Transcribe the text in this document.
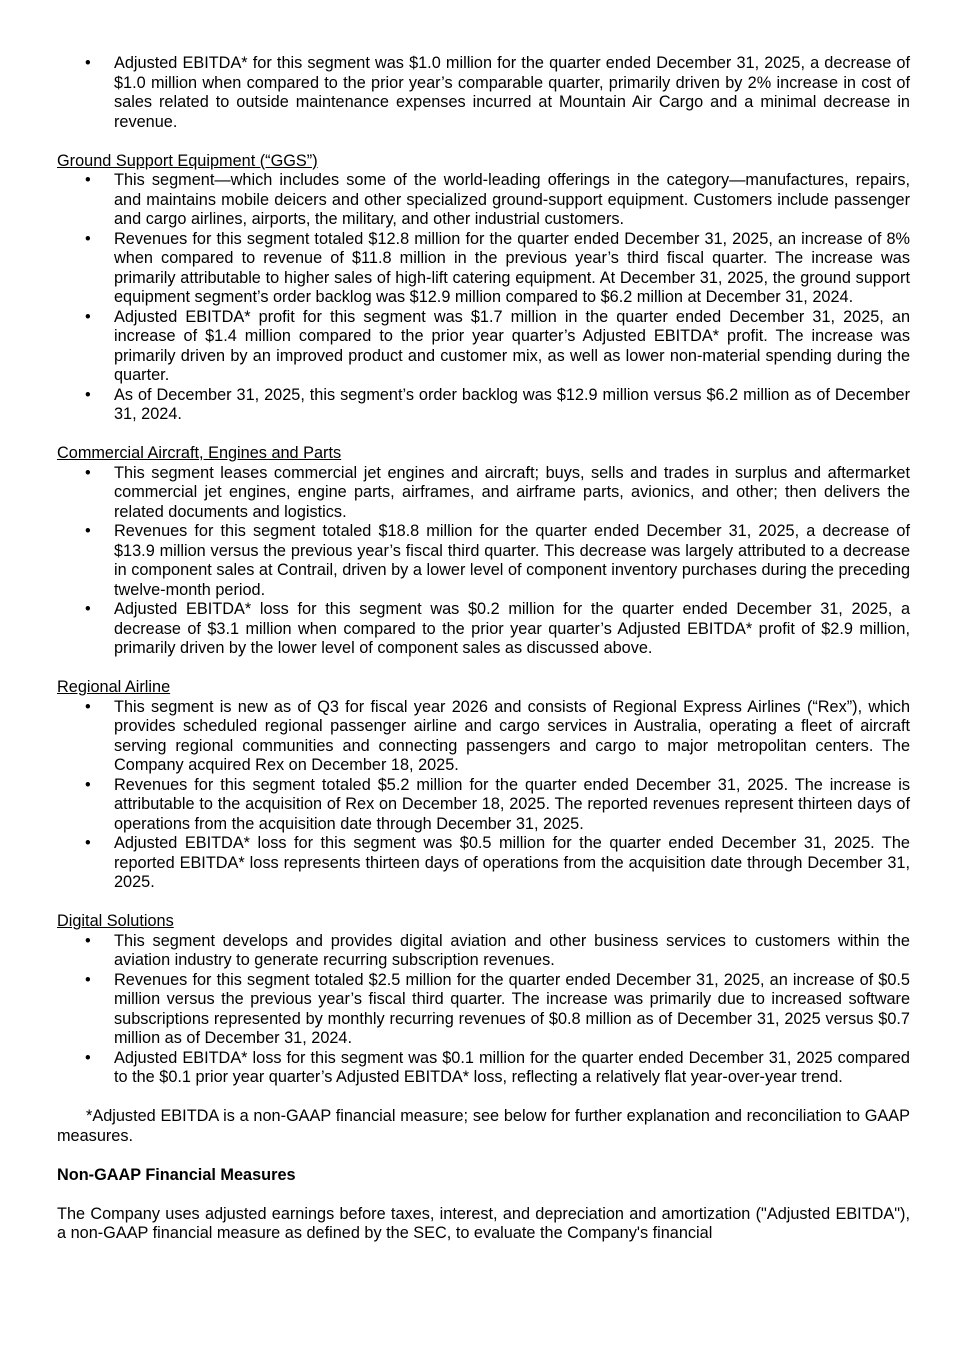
• Adjusted EBITDA* for this segment was $1.0 million for the quarter ended December 31, 2025, a decrease of $1.0 million when compared to the prior year’s comparable quarter, primarily driven by 2% increase in cost of sales related to outside maintenance expenses incurred at Mountain Air Cargo and a minimal decrease in revenue.
Ground Support Equipment (“GGS”)
• This segment—which includes some of the world-leading offerings in the category—manufactures, repairs, and maintains mobile deicers and other specialized ground-support equipment. Customers include passenger and cargo airlines, airports, the military, and other industrial customers.
• Revenues for this segment totaled $12.8 million for the quarter ended December 31, 2025, an increase of 8% when compared to revenue of $11.8 million in the previous year’s third fiscal quarter. The increase was primarily attributable to higher sales of high-lift catering equipment. At December 31, 2025, the ground support equipment segment’s order backlog was $12.9 million compared to $6.2 million at December 31, 2024.
• Adjusted EBITDA* profit for this segment was $1.7 million in the quarter ended December 31, 2025, an increase of $1.4 million compared to the prior year quarter’s Adjusted EBITDA* profit. The increase was primarily driven by an improved product and customer mix, as well as lower non-material spending during the quarter.
• As of December 31, 2025, this segment’s order backlog was $12.9 million versus $6.2 million as of December 31, 2024.
Commercial Aircraft, Engines and Parts
• This segment leases commercial jet engines and aircraft; buys, sells and trades in surplus and aftermarket commercial jet engines, engine parts, airframes, and airframe parts, avionics, and other; then delivers the related documents and logistics.
• Revenues for this segment totaled $18.8 million for the quarter ended December 31, 2025, a decrease of $13.9 million versus the previous year’s fiscal third quarter. This decrease was largely attributed to a decrease in component sales at Contrail, driven by a lower level of component inventory purchases during the preceding twelve-month period.
• Adjusted EBITDA* loss for this segment was $0.2 million for the quarter ended December 31, 2025, a decrease of $3.1 million when compared to the prior year quarter’s Adjusted EBITDA* profit of $2.9 million, primarily driven by the lower level of component sales as discussed above.
Regional Airline
• This segment is new as of Q3 for fiscal year 2026 and consists of Regional Express Airlines (“Rex”), which provides scheduled regional passenger airline and cargo services in Australia, operating a fleet of aircraft serving regional communities and connecting passengers and cargo to major metropolitan centers. The Company acquired Rex on December 18, 2025.
• Revenues for this segment totaled $5.2 million for the quarter ended December 31, 2025. The increase is attributable to the acquisition of Rex on December 18, 2025. The reported revenues represent thirteen days of operations from the acquisition date through December 31, 2025.
• Adjusted EBITDA* loss for this segment was $0.5 million for the quarter ended December 31, 2025. The reported EBITDA* loss represents thirteen days of operations from the acquisition date through December 31, 2025.
Digital Solutions
• This segment develops and provides digital aviation and other business services to customers within the aviation industry to generate recurring subscription revenues.
• Revenues for this segment totaled $2.5 million for the quarter ended December 31, 2025, an increase of $0.5 million versus the previous year’s fiscal third quarter. The increase was primarily due to increased software subscriptions represented by monthly recurring revenues of $0.8 million as of December 31, 2025 versus $0.7 million as of December 31, 2024.
• Adjusted EBITDA* loss for this segment was $0.1 million for the quarter ended December 31, 2025 compared to the $0.1 prior year quarter’s Adjusted EBITDA* loss, reflecting a relatively flat year-over-year trend.

*Adjusted EBITDA is a non-GAAP financial measure; see below for further explanation and reconciliation to GAAP measures.

Non-GAAP Financial Measures

The Company uses adjusted earnings before taxes, interest, and depreciation and amortization ("Adjusted EBITDA"), a non-GAAP financial measure as defined by the SEC, to evaluate the Company's financial
